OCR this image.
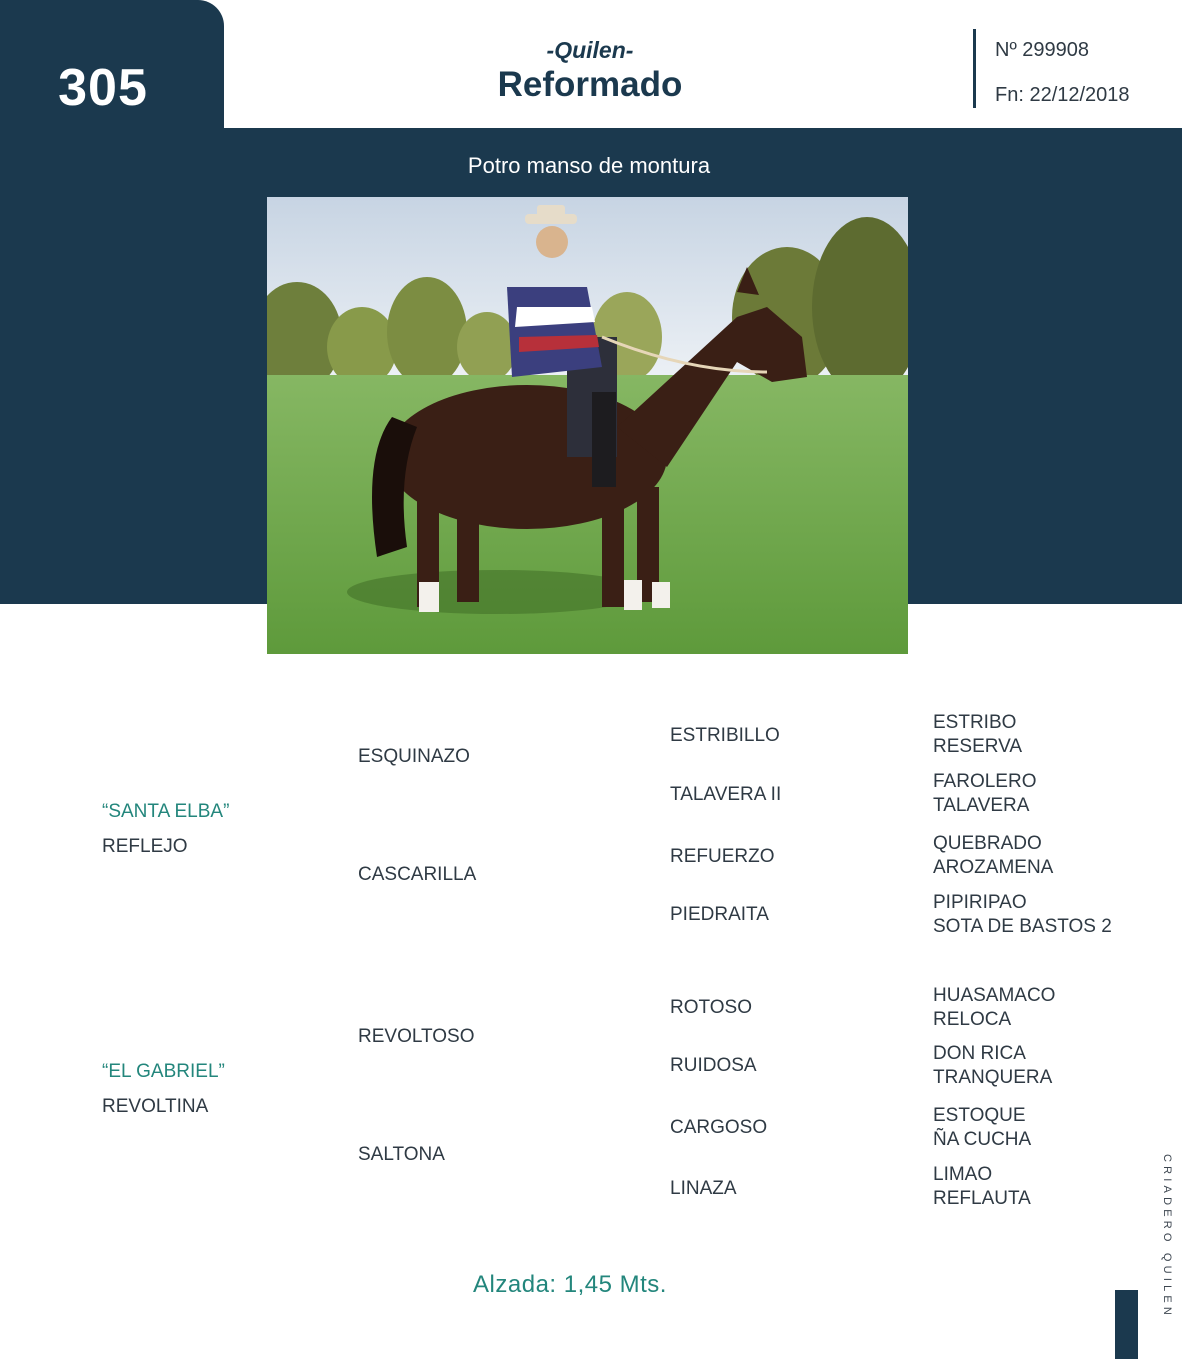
305
-Quilen-
Reformado
Nº 299908
Fn: 22/12/2018
Potro manso de montura
“SANTA ELBA”
REFLEJO
“EL GABRIEL”
REVOLTINA
ESQUINAZO
CASCARILLA
REVOLTOSO
SALTONA
ESTRIBILLO
TALAVERA II
REFUERZO
PIEDRAITA
ROTOSO
RUIDOSA
CARGOSO
LINAZA
ESTRIBO
RESERVA
FAROLERO
TALAVERA
QUEBRADO
AROZAMENA
PIPIRIPAO
SOTA DE BASTOS 2
HUASAMACO
RELOCA
DON RICA
TRANQUERA
ESTOQUE
ÑA CUCHA
LIMAO
REFLAUTA
Alzada: 1,45 Mts.	CRIADERO QUILEN
